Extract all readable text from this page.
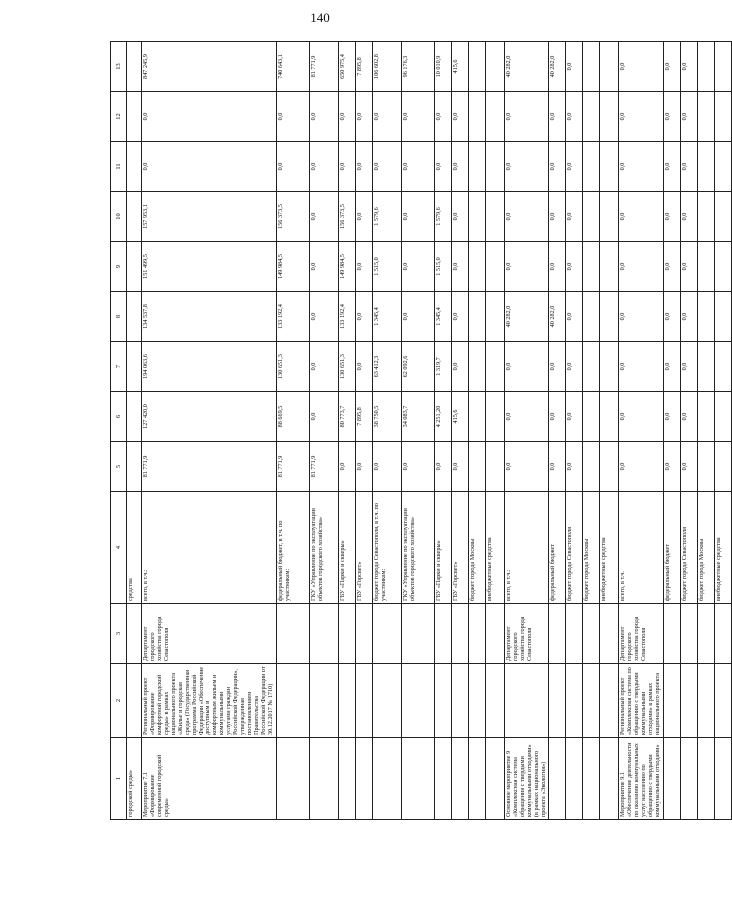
140
1	2	3	4	5	6	7	8	9	10	11	12	13
городской среды»			средства									
Мероприятие 7.1 «Формирование современной городской среды»	Региональный проект «Формирование комфортной городской среды» в рамках национального проекта «Жилье и городская среда» (Государственная программа Российской Федерации «Обеспечение доступным и комфортным жильем и коммунальными услугами граждан Российской Федерации», утвержденная постановлением Правительства Российской Федерации от 30.12.2017 № 1710)	Департамент городского хозяйства города Севастополя	всего, в т.ч.:	81 771,9	127 420,0	194 063,6	134 537,8	151 499,5	157 953,1	0,0	0,0	847 245,9
			федеральный бюджет, в т.ч. по участникам:	81 771,9	88 669,5	130 651,3	133 192,4	149 984,5	156 373,5	0,0	0,0	740 643,1
			ГКУ «Управление по эксплуатации объектов городского хозяйства»	81 771,9	0,0	0,0	0,0	0,0	0,0	0,0	0,0	81 771,9
			ГБУ «Парки и скверы»	0,0	80 773,7	130 651,3	133 192,4	149 984,5	156 373,5	0,0	0,0	650 975,4
			ГБУ «Горсвет»	0,0	7 895,8	0,0	0,0	0,0	0,0	0,0	0,0	7 895,8
			бюджет города Севастополя, в т.ч. по участникам:	0,0	38 750,5	63 412,3	1 345,4	1 515,0	1 579,6	0,0	0,0	106 602,8
			ГКУ «Управление по эксплуатации объектов городского хозяйства»	0,0	34 083,7	62 092,6	0,0	0,0	0,0	0,0	0,0	96 176,3
			ГБУ «Парки и скверы»	0,0	4 251,20	1 319,7	1 345,4	1 515,0	1 579,6	0,0	0,0	10 010,9
			ГБУ «Горсвет»	0,0	415,6	0,0	0,0	0,0	0,0	0,0	0,0	415,6
			бюджет города Москвы									
			внебюджетные средства									
Основное мероприятие 9 «Комплексная система обращения с твердыми коммунальными отходами» (в рамках национального проекта «Экология»)		Департамент городского хозяйства города Севастополя	всего, в т.ч.:	0,0	0,0	0,0	40 282,0	0,0	0,0	0,0	0,0	40 282,0
			федеральный бюджет	0,0	0,0	0,0	40 282,0	0,0	0,0	0,0	0,0	40 282,0
			бюджет города Севастополя	0,0	0,0	0,0	0,0	0,0	0,0	0,0	0,0	0,0
			бюджет города Москвы									
			внебюджетные средства									
Мероприятие 9.1 «Обеспечение деятельности по оказанию коммунальных услуг населению по обращению с твердыми коммунальными отходами»	Региональный проект «Комплексная система по обращению с твердыми коммунальными отходами» в рамках национального проекта	Департамент городского хозяйства города Севастополя	всего, в т.ч.	0,0	0,0	0,0	0,0	0,0	0,0	0,0	0,0	0,0
			федеральный бюджет	0,0	0,0	0,0	0,0	0,0	0,0	0,0	0,0	0,0
			бюджет города Севастополя	0,0	0,0	0,0	0,0	0,0	0,0	0,0	0,0	0,0
			бюджет города Москвы									
			внебюджетные средства									
